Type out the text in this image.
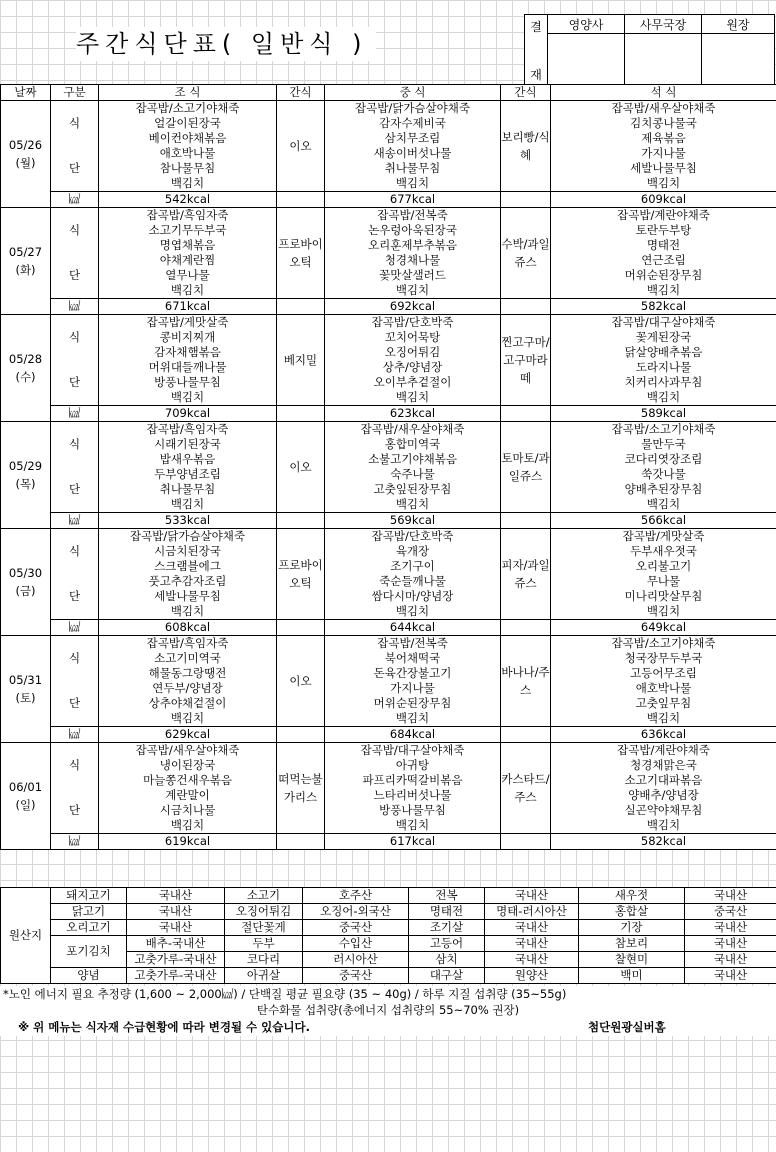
주간식단표( 일반식 )
결

재	영양사	사무국장	원장

날짜	구분	조 식	간식	중 식	간식	석 식
05/26
(월)		잡곡밥/소고기야채죽	이오	잡곡밥/닭가슴살야채죽	보리빵/식혜	잡곡밥/새우살야채죽
	식	얼갈이된장국		감자수제비국		김치콩나물국
		베이컨야채볶음		삼치무조림		제육볶음
		애호박나물		새송이버섯나물		가지나물
	단	참나물무침		취나물무침		세발나물무침
		백김치		백김치		백김치
	㎉	542kcal		677kcal		609kcal
05/27
(화)		잡곡밥/흑임자죽	프로바이오틱	잡곡밥/전복죽	수박/과일쥬스	잡곡밥/계란야채죽
	식	소고기무두부국		논우렁아욱된장국		토란두부탕
		명엽채볶음		오리훈제부추볶음		명태전
		야채계란찜		청경채나물		연근조림
	단	열무나물		꽃맛살샐러드		머위순된장무침
		백김치		백김치		백김치
	㎉	671kcal		692kcal		582kcal
05/28
(수)		잡곡밥/게맛살죽	베지밀	잡곡밥/단호박죽	찐고구마/고구마라떼	잡곡밥/대구살야채죽
	식	콩비지찌개		꼬치어묵탕		꽃게된장국
		감자채햄볶음		오징어튀김		닭살양배추볶음
		머위대들깨나물		상추/양념장		도라지나물
	단	방풍나물무침		오이부추겉절이		치커리사과무침
		백김치		백김치		백김치
	㎉	709kcal		623kcal		589kcal
05/29
(목)		잡곡밥/흑임자죽	이오	잡곡밥/새우살야채죽	토마토/과일쥬스	잡곡밥/소고기야채죽
	식	시래기된장국		홍합미역국		물만두국
		밥새우볶음		소불고기야채볶음		코다리엿장조림
		두부양념조림		숙주나물		쑥갓나물
	단	취나물무침		고춧잎된장무침		양배추된장무침
		백김치		백김치		백김치
	㎉	533kcal		569kcal		566kcal
05/30
(금)		잡곡밥/닭가슴살야채죽	프로바이오틱	잡곡밥/단호박죽	피자/과일쥬스	잡곡밥/게맛살죽
	식	시금치된장국		육개장		두부새우젓국
		스크램블에그		조기구이		오리불고기
		풋고추감자조림		죽순들깨나물		무나물
	단	세발나물무침		쌈다시마/양념장		미나리맛살무침
		백김치		백김치		백김치
	㎉	608kcal		644kcal		649kcal
05/31
(토)		잡곡밥/흑임자죽	이오	잡곡밥/전복죽	바나나/주스	잡곡밥/소고기야채죽
	식	소고기미역국		북어채떡국		청국장무두부국
		해물동그랑땡전		돈육간장불고기		고등어무조림
		연두부/양념장		가지나물		애호박나물
	단	상추야채겉절이		머위순된장무침		고춧잎무침
		백김치		백김치		백김치
	㎉	629kcal		684kcal		636kcal
06/01
(일)		잡곡밥/새우살야채죽	떠먹는불가리스	잡곡밥/대구살야채죽	카스타드/주스	잡곡밥/계란야채죽
	식	냉이된장국		아귀탕		청경채맑은국
		마늘쫑건새우볶음		파프리카떡갈비볶음		소고기대파볶음
		계란말이		느타리버섯나물		양배추/양념장
	단	시금치나물		방풍나물무침		실곤약야채무침
		백김치		백김치		백김치
	㎉	619kcal		617kcal		582kcal
원산지	돼지고기	국내산	소고기	호주산	전복	국내산	새우젓	국내산
	닭고기	국내산	오징어튀김	오징어-외국산	명태전	명태-러시아산	홍합살	중국산
	오리고기	국내산	절단꽃게	중국산	조기살	국내산	기장	국내산
	포기김치	배추-국내산	두부	수입산	고등어	국내산	참보리	국내산
		고춧가루-국내산	코다리	러시아산	삼치	국내산	찰현미	국내산
	양념	고춧가루-국내산	아귀살	중국산	대구살	원양산	백미	국내산
*노인 에너지 필요 추정량 (1,600 ~ 2,000㎉) / 단백질 평균 필요량 (35 ~ 40g) / 하루 지질 섭취량 (35~55g)
탄수화물 섭취량(총에너지 섭취량의 55~70% 권장)
※ 위 메뉴는 식자재 수급현황에 따라 변경될 수 있습니다.	첨단원광실버홈
